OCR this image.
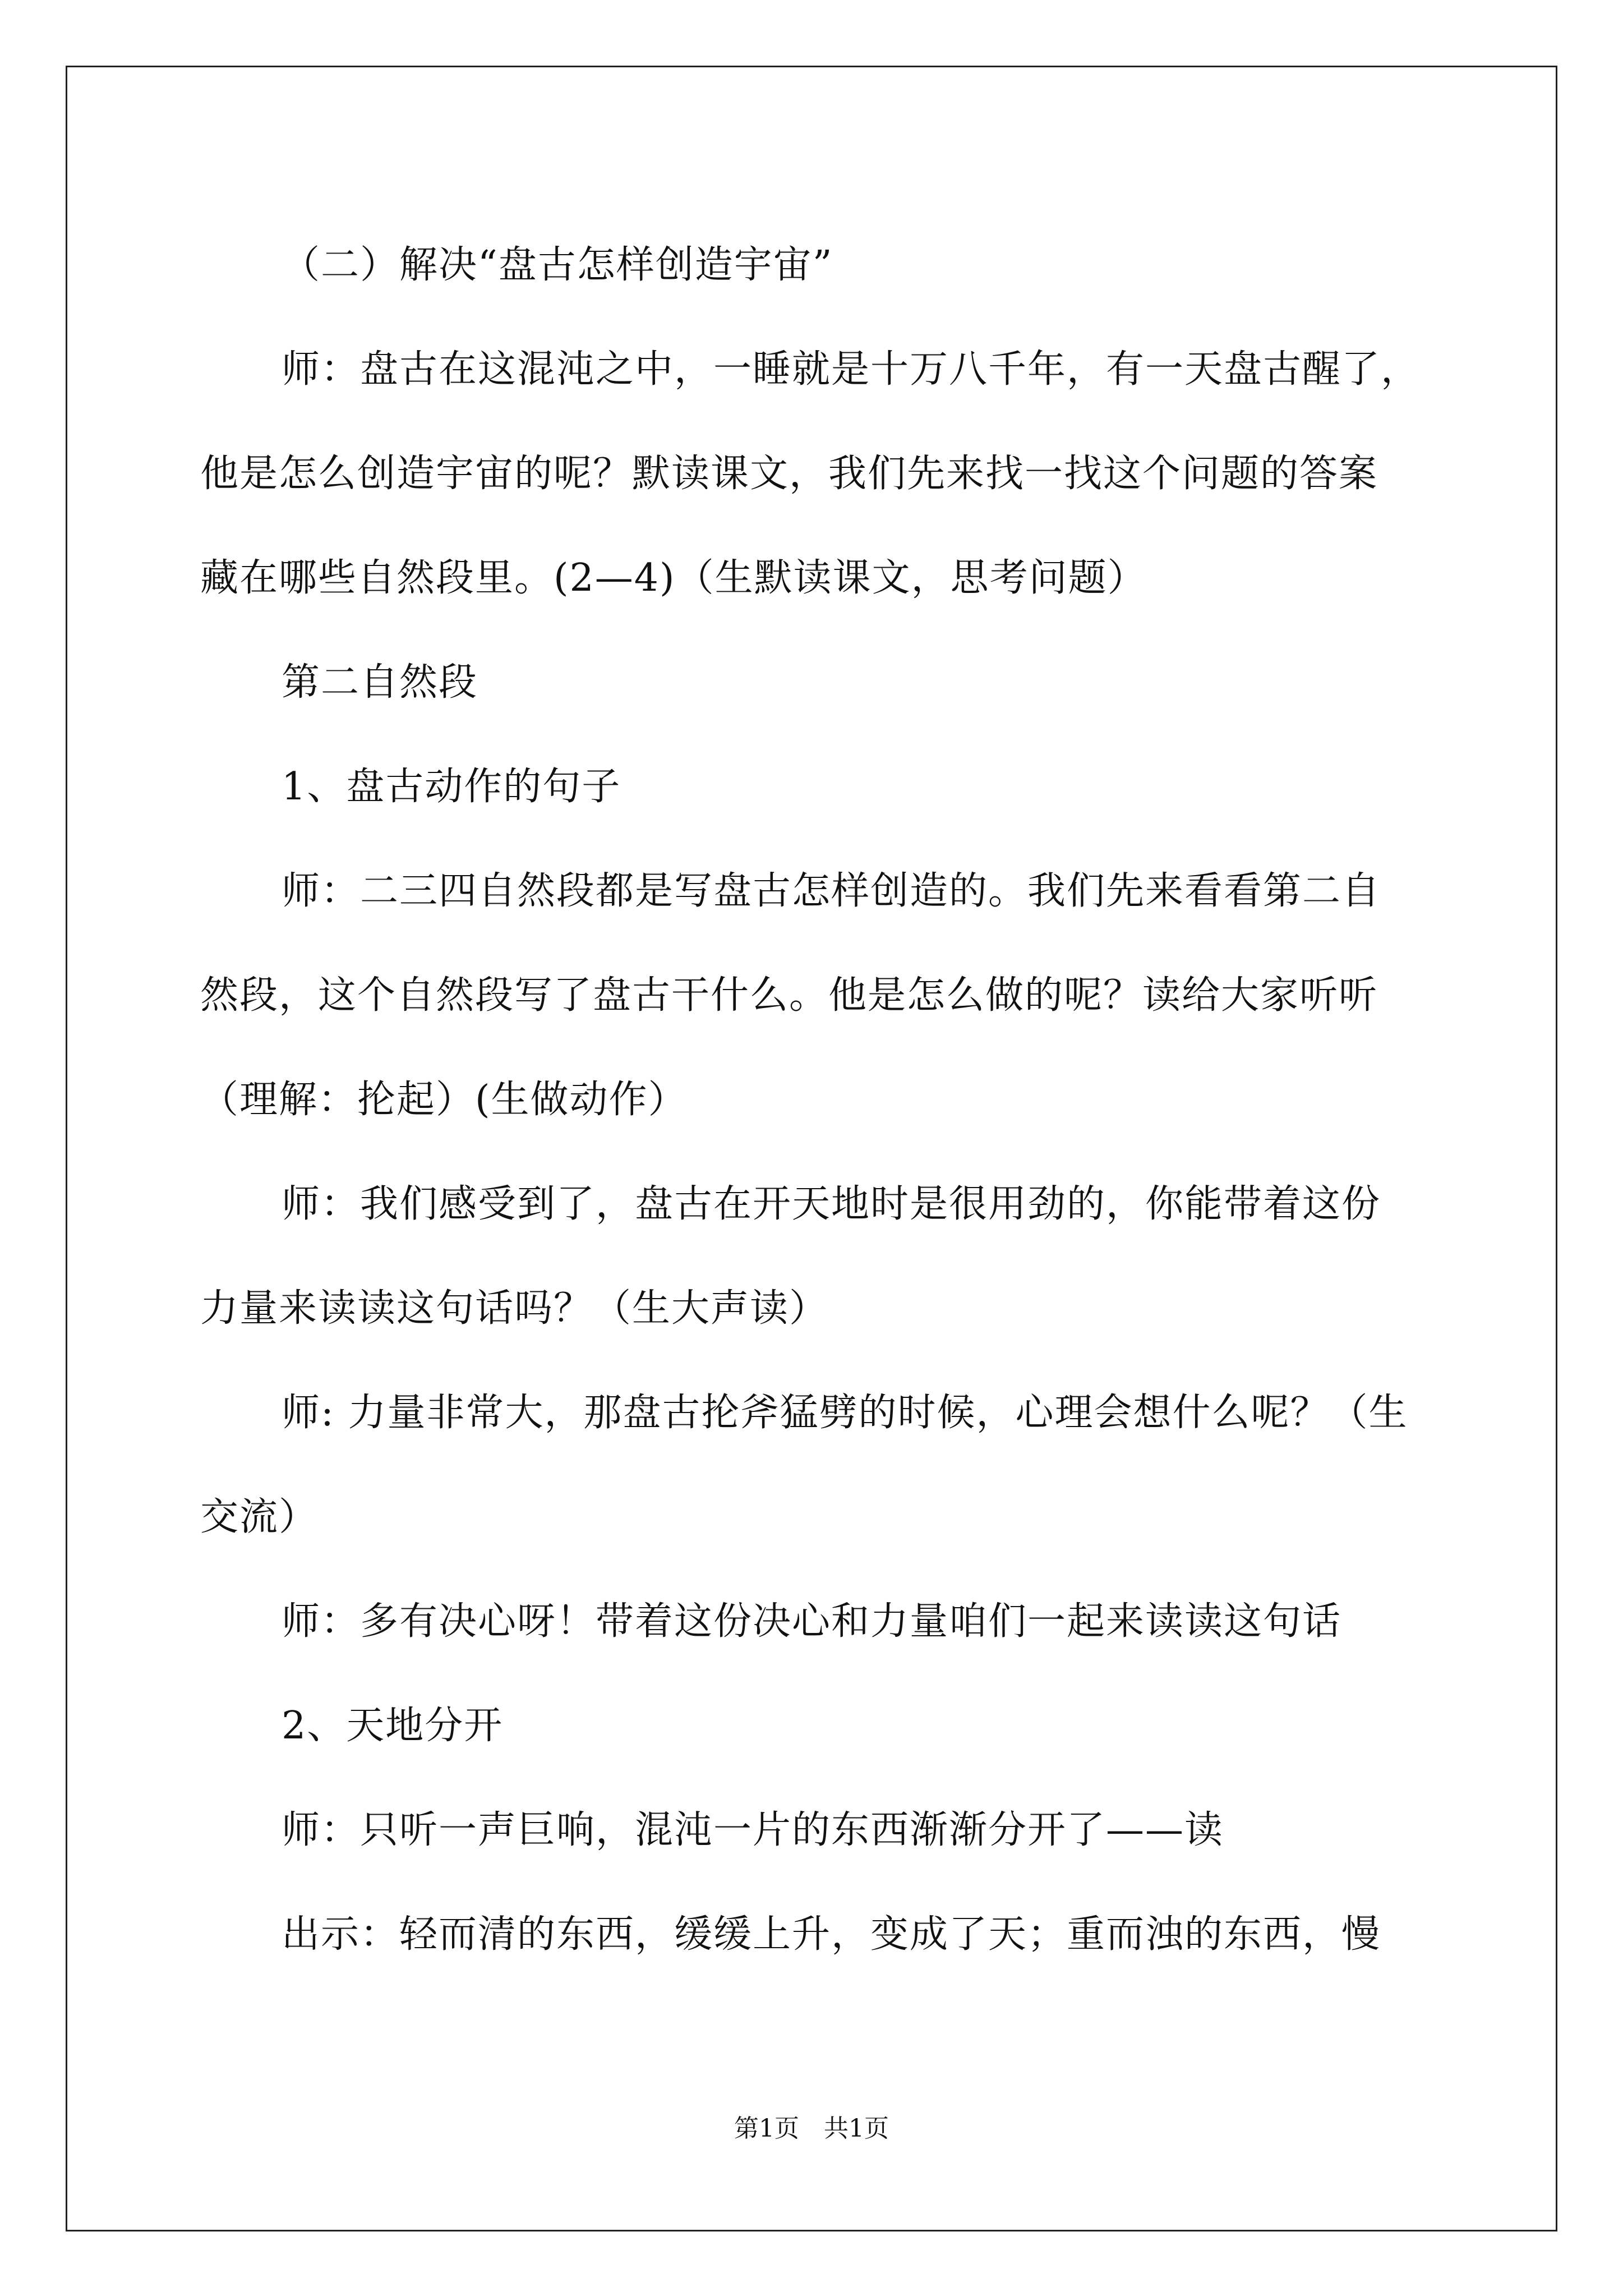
（二）解决“盘古怎样创造宇宙”

师：盘古在这混沌之中，一睡就是十万八千年，有一天盘古醒了，

他是怎么创造宇宙的呢？默读课文，我们先来找一找这个问题的答案

藏在哪些自然段里。(2—4)（生默读课文，思考问题）

第二自然段

1、盘古动作的句子

师：二三四自然段都是写盘古怎样创造的。我们先来看看第二自

然段，这个自然段写了盘古干什么。他是怎么做的呢？读给大家听听

（理解：抡起）(生做动作）

师：我们感受到了，盘古在开天地时是很用劲的，你能带着这份

力量来读读这句话吗？（生大声读）

师: 力量非常大，那盘古抡斧猛劈的时候，心理会想什么呢？（生

交流）

师：多有决心呀！带着这份决心和力量咱们一起来读读这句话

2、天地分开

师：只听一声巨响，混沌一片的东西渐渐分开了——读

出示：轻而清的东西，缓缓上升，变成了天；重而浊的东西，慢

第1页　共1页
